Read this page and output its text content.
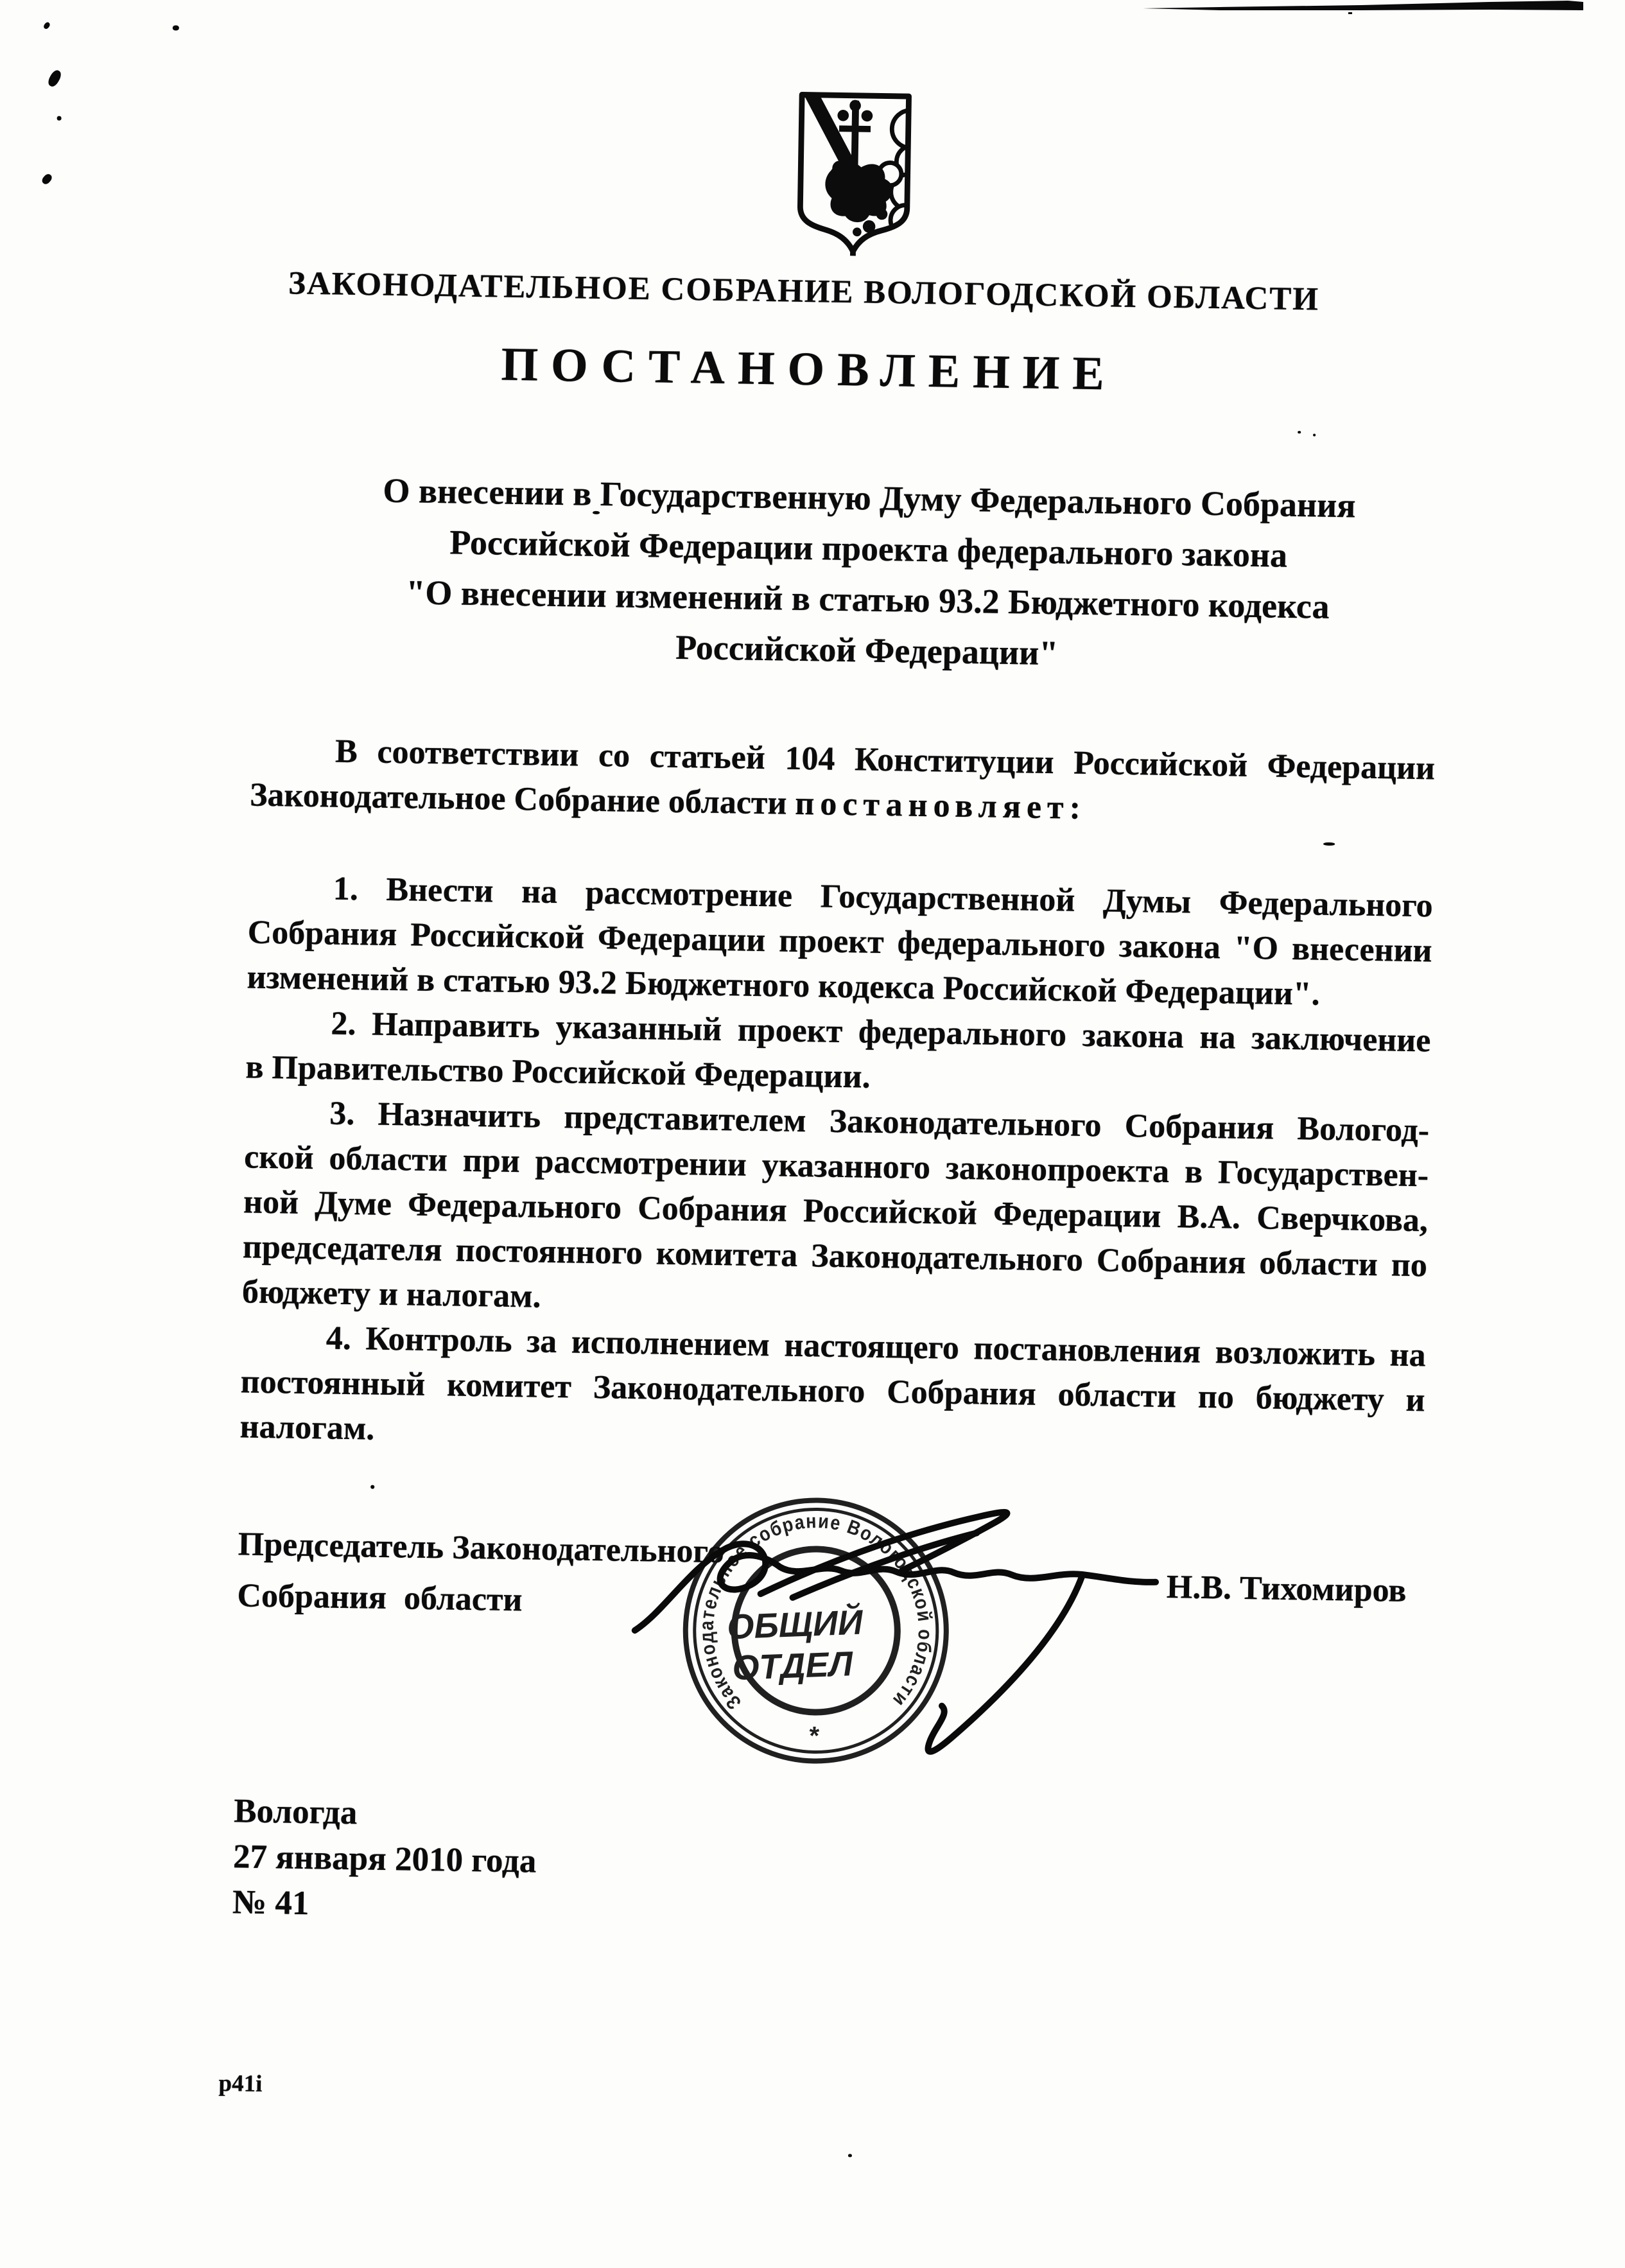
ЗАКОНОДАТЕЛЬНОЕ СОБРАНИЕ ВОЛОГОДСКОЙ ОБЛАСТИ
ПОСТАНОВЛЕНИЕ
О внесении в Государственную Думу Федерального Собрания
Российской Федерации проекта федерального закона
"О внесении изменений в статью 93.2 Бюджетного кодекса
Российской Федерации"
В соответствии со статьей 104 Конституции Российской Федерации
Законодательное Собрание области постановляет:
1. Внести на рассмотрение Государственной Думы Федерального
Собрания Российской Федерации проект федерального закона "О внесении
изменений в статью 93.2 Бюджетного кодекса Российской Федерации".
2. Направить указанный проект федерального закона на заключение
в Правительство Российской Федерации.
3. Назначить представителем Законодательного Собрания Вологод-
ской области при рассмотрении указанного законопроекта в Государствен-
ной Думе Федерального Собрания Российской Федерации В.А. Сверчкова,
председателя постоянного комитета Законодательного Собрания области по
бюджету и налогам.
4. Контроль за исполнением настоящего постановления возложить на
постоянный комитет Законодательного Собрания области по бюджету и
налогам.
Председатель Законодательного
Собрания области	Н.В. Тихомиров
Законодательное собрание Вологодской области
*
ОБЩИЙ
ОТДЕЛ
Вологда
27 января 2010 года
№ 41
p41i
